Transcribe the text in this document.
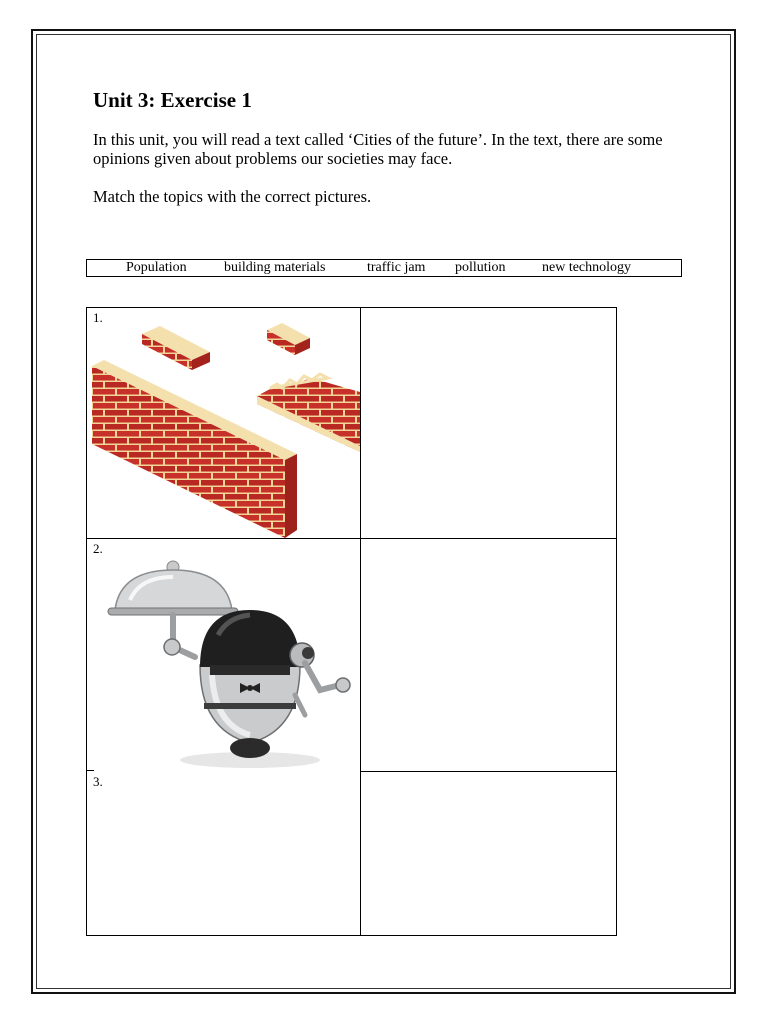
Unit 3: Exercise 1

In this unit, you will read a text called ‘Cities of the future’. In the text, there are some opinions given about problems our societies may face.

Match the topics with the correct pictures.

Population	building materials	traffic jam pollution	new technology
1.
2.
3.
